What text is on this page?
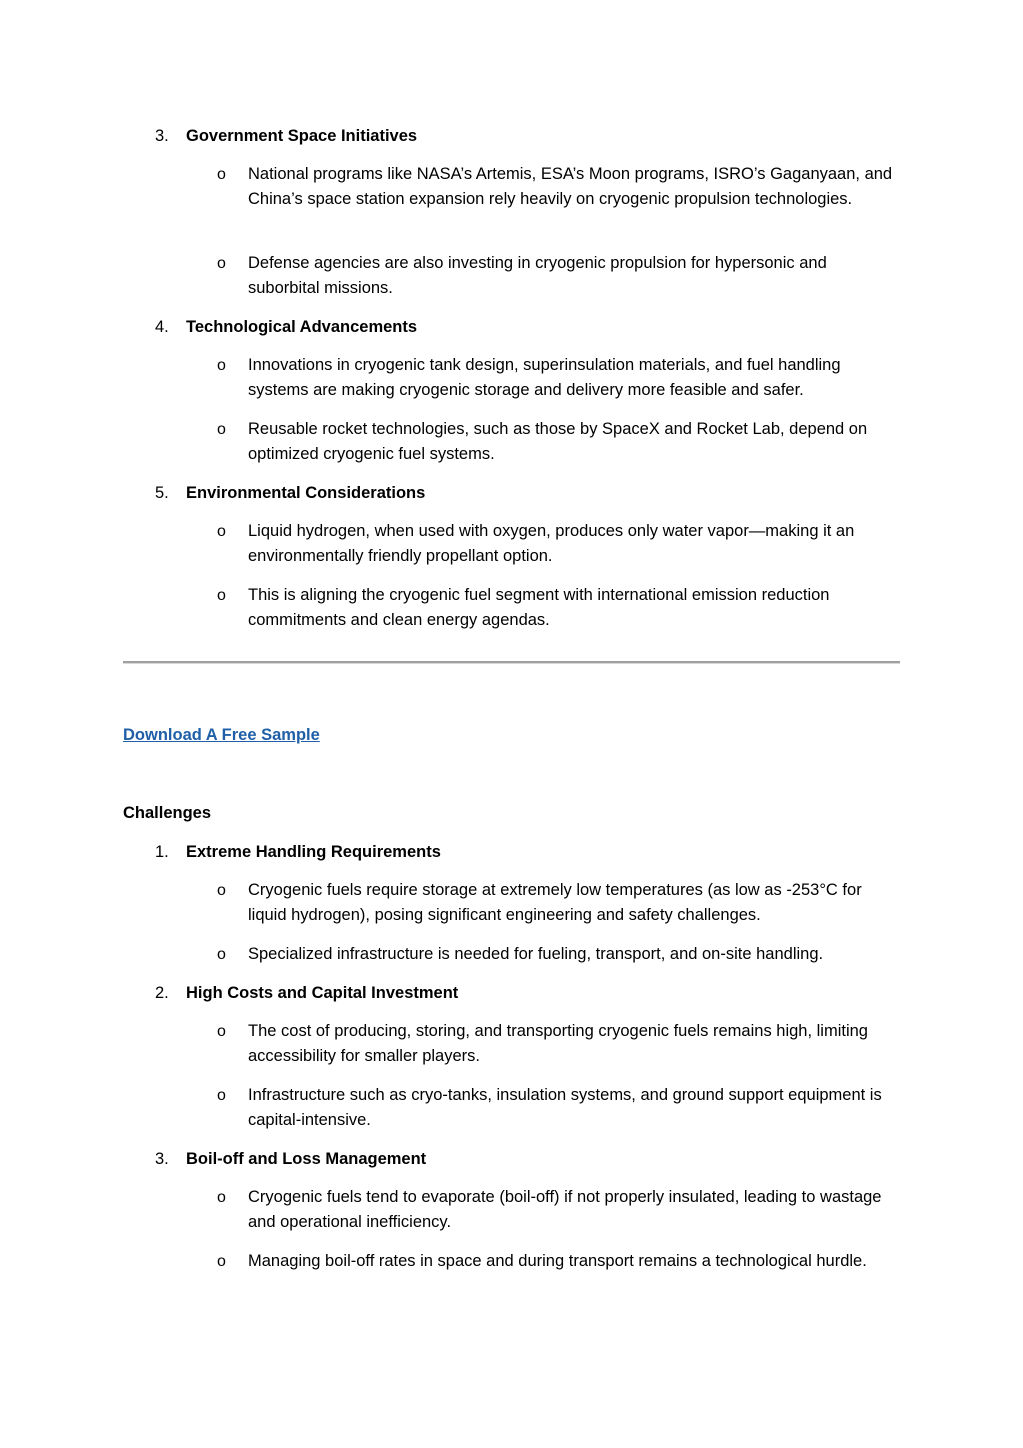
3. Government Space Initiatives
o National programs like NASA’s Artemis, ESA’s Moon programs, ISRO’s Gaganyaan, and China’s space station expansion rely heavily on cryogenic propulsion technologies.
o Defense agencies are also investing in cryogenic propulsion for hypersonic and suborbital missions.
4. Technological Advancements
o Innovations in cryogenic tank design, superinsulation materials, and fuel handling systems are making cryogenic storage and delivery more feasible and safer.
o Reusable rocket technologies, such as those by SpaceX and Rocket Lab, depend on optimized cryogenic fuel systems.
5. Environmental Considerations
o Liquid hydrogen, when used with oxygen, produces only water vapor—making it an environmentally friendly propellant option.
o This is aligning the cryogenic fuel segment with international emission reduction commitments and clean energy agendas.
Download A Free Sample
Challenges
1. Extreme Handling Requirements
o Cryogenic fuels require storage at extremely low temperatures (as low as -253°C for liquid hydrogen), posing significant engineering and safety challenges.
o Specialized infrastructure is needed for fueling, transport, and on-site handling.
2. High Costs and Capital Investment
o The cost of producing, storing, and transporting cryogenic fuels remains high, limiting accessibility for smaller players.
o Infrastructure such as cryo-tanks, insulation systems, and ground support equipment is capital-intensive.
3. Boil-off and Loss Management
o Cryogenic fuels tend to evaporate (boil-off) if not properly insulated, leading to wastage and operational inefficiency.
o Managing boil-off rates in space and during transport remains a technological hurdle.
